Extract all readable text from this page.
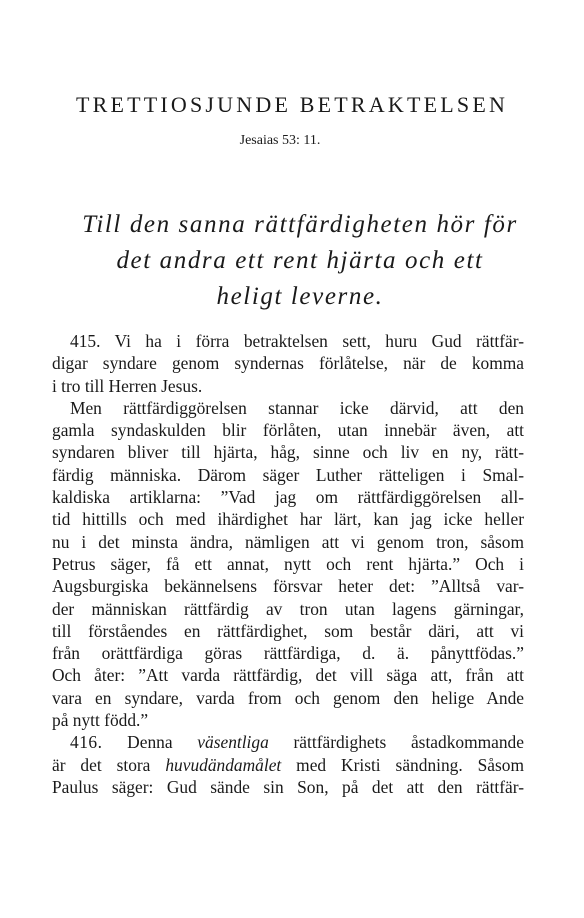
TRETTIOSJUNDE BETRAKTELSEN

Jesaias 53: 11.

Till den sanna rättfärdigheten hör för
det andra ett rent hjärta och ett
heligt leverne.
415. Vi ha i förra betraktelsen sett, huru Gud rättfär-
digar syndare genom syndernas förlåtelse, när de komma
i tro till Herren Jesus.
Men rättfärdiggörelsen stannar icke därvid, att den
gamla syndaskulden blir förlåten, utan innebär även, att
syndaren bliver till hjärta, håg, sinne och liv en ny, rätt-
färdig människa. Därom säger Luther rätteligen i Smal-
kaldiska artiklarna: ”Vad jag om rättfärdiggörelsen all-
tid hittills och med ihärdighet har lärt, kan jag icke heller
nu i det minsta ändra, nämligen att vi genom tron, såsom
Petrus säger, få ett annat, nytt och rent hjärta.” Och i
Augsburgiska bekännelsens försvar heter det: ”Alltså var-
der människan rättfärdig av tron utan lagens gärningar,
till förståendes en rättfärdighet, som består däri, att vi
från orättfärdiga göras rättfärdiga, d. ä. pånyttfödas.”
Och åter: ”Att varda rättfärdig, det vill säga att, från att
vara en syndare, varda from och genom den helige Ande
på nytt född.”
416. Denna väsentliga rättfärdighets åstadkommande
är det stora huvudändamålet med Kristi sändning. Såsom
Paulus säger: Gud sände sin Son, på det att den rättfär-
